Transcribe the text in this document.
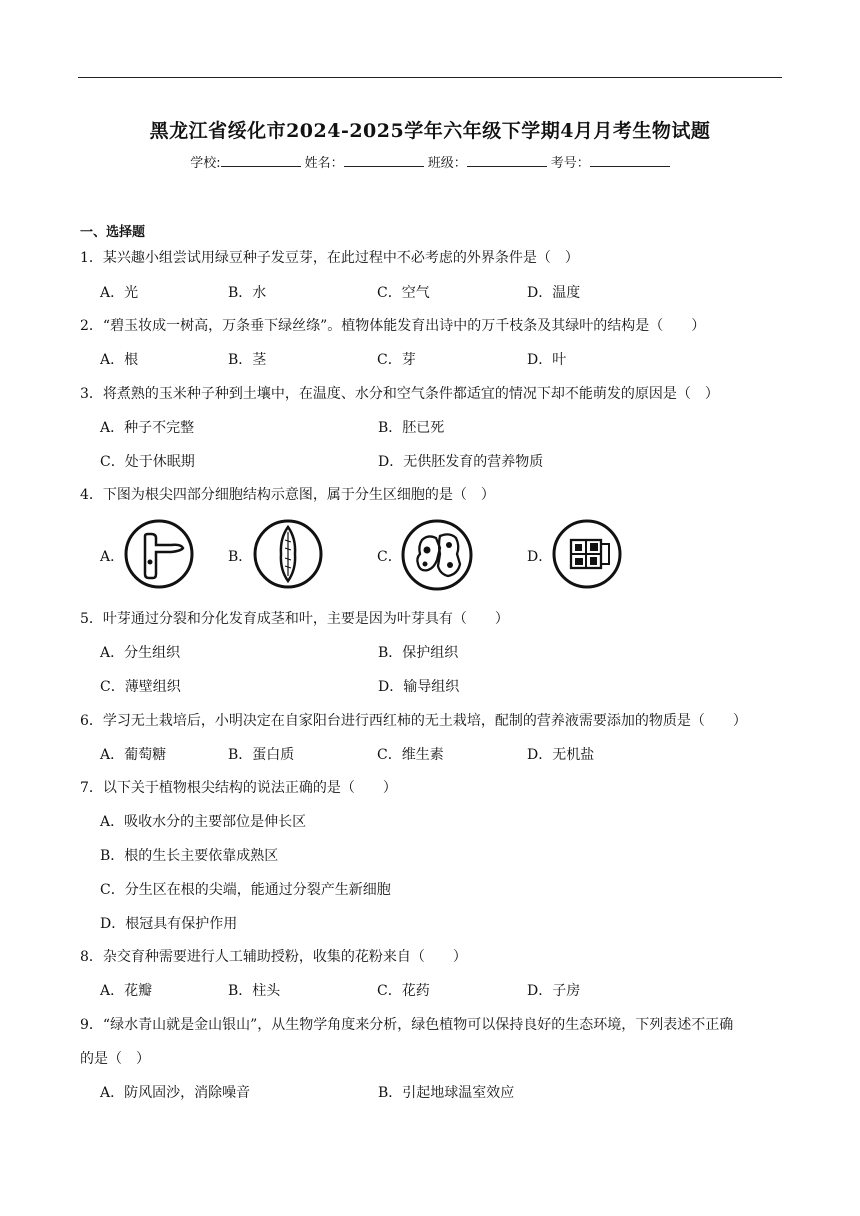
黑龙江省绥化市2024-2025学年六年级下学期4月月考生物试题
学校:	姓名：	班级：	考号：
一、选择题
1．某兴趣小组尝试用绿豆种子发豆芽，在此过程中不必考虑的外界条件是（　）
A．光	B．水	C．空气	D．温度
2．“碧玉妆成一树高，万条垂下绿丝绦”。植物体能发育出诗中的万千枝条及其绿叶的结构是（　　）
A．根	B．茎	C．芽	D．叶
3．将煮熟的玉米种子种到土壤中，在温度、水分和空气条件都适宜的情况下却不能萌发的原因是（　）
A．种子不完整	B．胚已死
C．处于休眠期	D．无供胚发育的营养物质
4．下图为根尖四部分细胞结构示意图，属于分生区细胞的是（　）
A．	B．	C．	D．
5．叶芽通过分裂和分化发育成茎和叶，主要是因为叶芽具有（　　）
A．分生组织	B．保护组织
C．薄壁组织	D．输导组织
6．学习无土栽培后，小明决定在自家阳台进行西红柿的无土栽培，配制的营养液需要添加的物质是（　　）
A．葡萄糖	B．蛋白质	C．维生素	D．无机盐
7．以下关于植物根尖结构的说法正确的是（　　）
A．吸收水分的主要部位是伸长区
B．根的生长主要依靠成熟区
C．分生区在根的尖端，能通过分裂产生新细胞
D．根冠具有保护作用
8．杂交育种需要进行人工辅助授粉，收集的花粉来自（　　）
A．花瓣	B．柱头	C．花药	D．子房
9．“绿水青山就是金山银山”，从生物学角度来分析，绿色植物可以保持良好的生态环境，下列表述不正确
的是（　）
A．防风固沙，消除噪音	B．引起地球温室效应
